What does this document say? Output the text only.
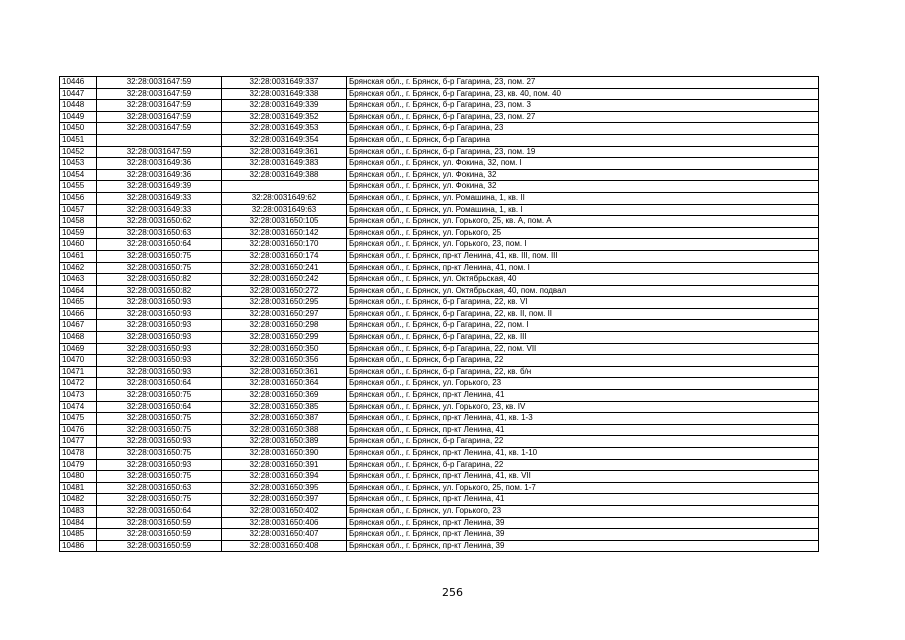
10446	32:28:0031647:59	32:28:0031649:337	Брянская обл., г. Брянск, б-р Гагарина, 23, пом. 27
10447	32:28:0031647:59	32:28:0031649:338	Брянская обл., г. Брянск, б-р Гагарина, 23, кв. 40, пом. 40
10448	32:28:0031647:59	32:28:0031649:339	Брянская обл., г. Брянск, б-р Гагарина, 23, пом. 3
10449	32:28:0031647:59	32:28:0031649:352	Брянская обл., г. Брянск, б-р Гагарина, 23, пом. 27
10450	32:28:0031647:59	32:28:0031649:353	Брянская обл., г. Брянск, б-р Гагарина, 23
10451		32:28:0031649:354	Брянская обл., г. Брянск, б-р Гагарина
10452	32:28:0031647:59	32:28:0031649:361	Брянская обл., г. Брянск, б-р Гагарина, 23, пом. 19
10453	32:28:0031649:36	32:28:0031649:383	Брянская обл., г. Брянск, ул. Фокина, 32, пом. I
10454	32:28:0031649:36	32:28:0031649:388	Брянская обл., г. Брянск, ул. Фокина, 32
10455	32:28:0031649:39		Брянская обл., г. Брянск, ул. Фокина, 32
10456	32:28:0031649:33	32:28:0031649:62	Брянская обл., г. Брянск, ул. Ромашина, 1, кв. II
10457	32:28:0031649:33	32:28:0031649:63	Брянская обл., г. Брянск, ул. Ромашина, 1, кв. I
10458	32:28:0031650:62	32:28:0031650:105	Брянская обл., г. Брянск, ул. Горького, 25, кв. А, пом. А
10459	32:28:0031650:63	32:28:0031650:142	Брянская обл., г. Брянск, ул. Горького, 25
10460	32:28:0031650:64	32:28:0031650:170	Брянская обл., г. Брянск, ул. Горького, 23, пом. I
10461	32:28:0031650:75	32:28:0031650:174	Брянская обл., г. Брянск, пр-кт Ленина, 41, кв. III, пом. III
10462	32:28:0031650:75	32:28:0031650:241	Брянская обл., г. Брянск, пр-кт Ленина, 41, пом. I
10463	32:28:0031650:82	32:28:0031650:242	Брянская обл., г. Брянск, ул. Октябрьская, 40
10464	32:28:0031650:82	32:28:0031650:272	Брянская обл., г. Брянск, ул. Октябрьская, 40, пом. подвал
10465	32:28:0031650:93	32:28:0031650:295	Брянская обл., г. Брянск, б-р Гагарина, 22, кв. VI
10466	32:28:0031650:93	32:28:0031650:297	Брянская обл., г. Брянск, б-р Гагарина, 22, кв. II, пом. II
10467	32:28:0031650:93	32:28:0031650:298	Брянская обл., г. Брянск, б-р Гагарина, 22, пом. I
10468	32:28:0031650:93	32:28:0031650:299	Брянская обл., г. Брянск, б-р Гагарина, 22, кв. III
10469	32:28:0031650:93	32:28:0031650:350	Брянская обл., г. Брянск, б-р Гагарина, 22, пом. VII
10470	32:28:0031650:93	32:28:0031650:356	Брянская обл., г. Брянск, б-р Гагарина, 22
10471	32:28:0031650:93	32:28:0031650:361	Брянская обл., г. Брянск, б-р Гагарина, 22, кв. б/н
10472	32:28:0031650:64	32:28:0031650:364	Брянская обл., г. Брянск, ул. Горького, 23
10473	32:28:0031650:75	32:28:0031650:369	Брянская обл., г. Брянск, пр-кт Ленина, 41
10474	32:28:0031650:64	32:28:0031650:385	Брянская обл., г. Брянск, ул. Горького, 23, кв. IV
10475	32:28:0031650:75	32:28:0031650:387	Брянская обл., г. Брянск, пр-кт Ленина, 41, кв. 1-3
10476	32:28:0031650:75	32:28:0031650:388	Брянская обл., г. Брянск, пр-кт Ленина, 41
10477	32:28:0031650:93	32:28:0031650:389	Брянская обл., г. Брянск, б-р Гагарина, 22
10478	32:28:0031650:75	32:28:0031650:390	Брянская обл., г. Брянск, пр-кт Ленина, 41, кв. 1-10
10479	32:28:0031650:93	32:28:0031650:391	Брянская обл., г. Брянск, б-р Гагарина, 22
10480	32:28:0031650:75	32:28:0031650:394	Брянская обл., г. Брянск, пр-кт Ленина, 41, кв. VII
10481	32:28:0031650:63	32:28:0031650:395	Брянская обл., г. Брянск, ул. Горького, 25, пом. 1-7
10482	32:28:0031650:75	32:28:0031650:397	Брянская обл., г. Брянск, пр-кт Ленина, 41
10483	32:28:0031650:64	32:28:0031650:402	Брянская обл., г. Брянск, ул. Горького, 23
10484	32:28:0031650:59	32:28:0031650:406	Брянская обл., г. Брянск, пр-кт Ленина, 39
10485	32:28:0031650:59	32:28:0031650:407	Брянская обл., г. Брянск, пр-кт Ленина, 39
10486	32:28:0031650:59	32:28:0031650:408	Брянская обл., г. Брянск, пр-кт Ленина, 39
256
